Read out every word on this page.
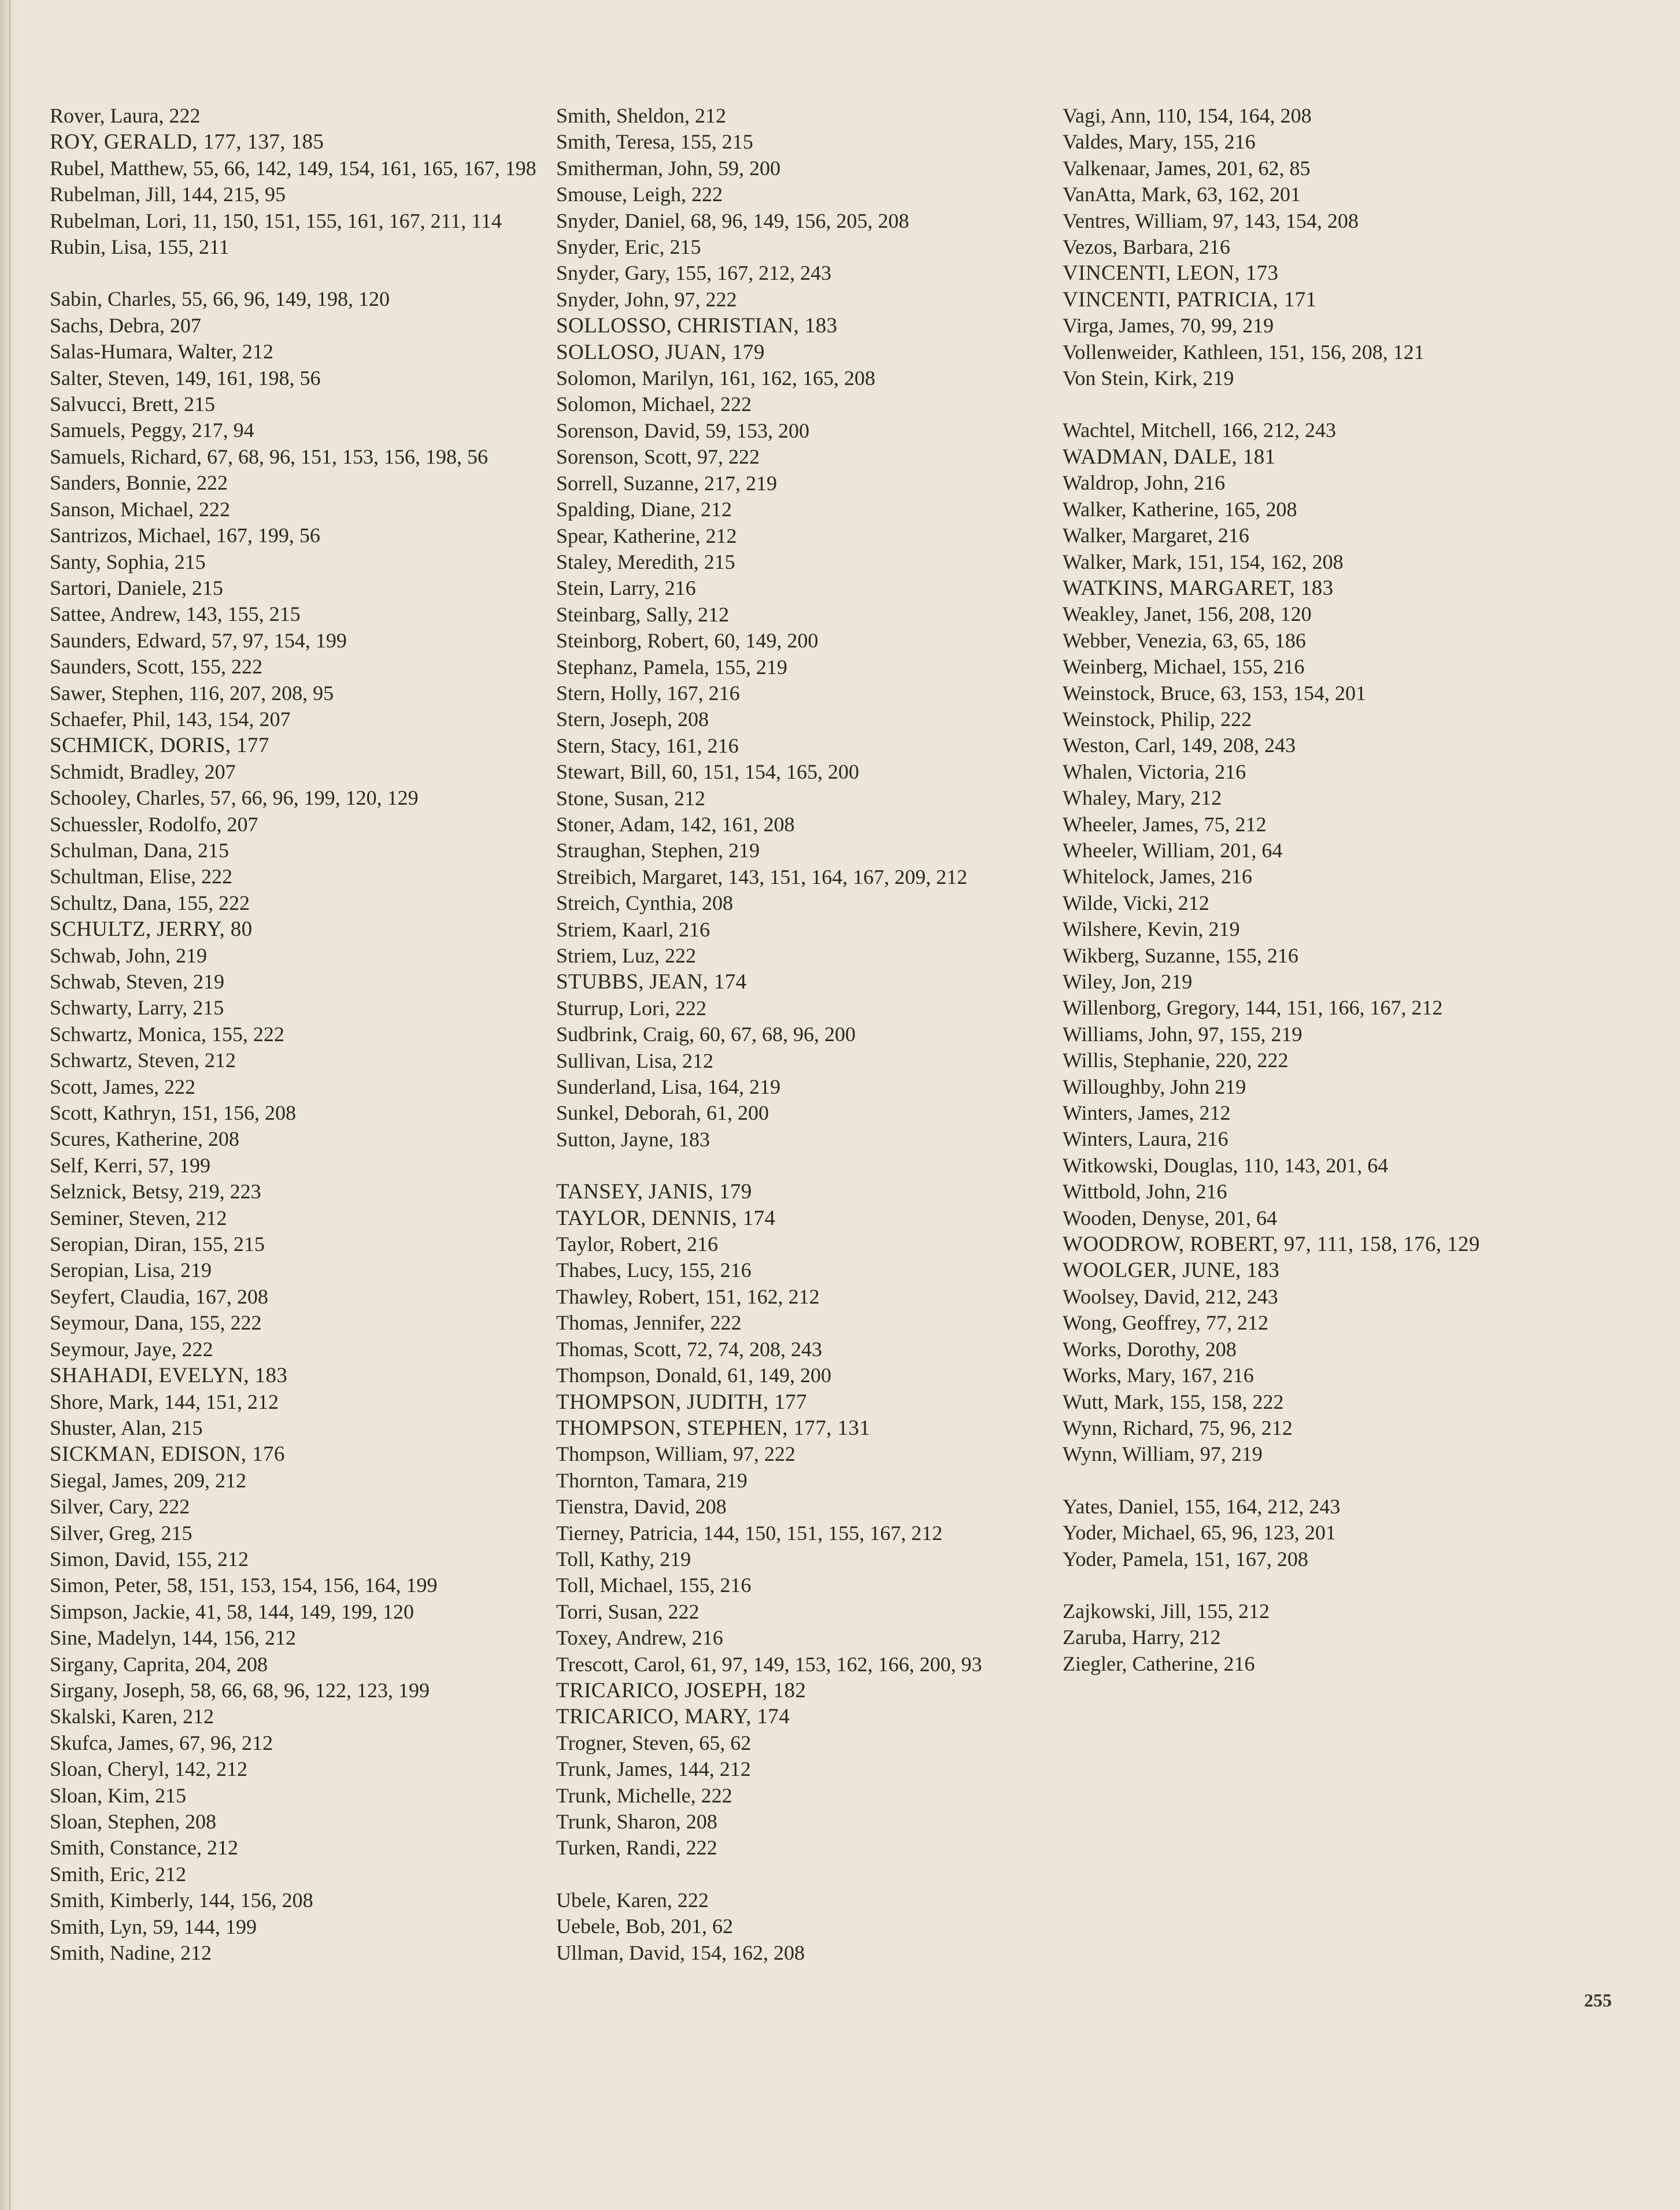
Rover, Laura, 222
ROY, GERALD, 177, 137, 185
Rubel, Matthew, 55, 66, 142, 149, 154, 161, 165, 167, 198
Rubelman, Jill, 144, 215, 95
Rubelman, Lori, 11, 150, 151, 155, 161, 167, 211, 114
Rubin, Lisa, 155, 211
Sabin, Charles, 55, 66, 96, 149, 198, 120
Sachs, Debra, 207
Salas-Humara, Walter, 212
Salter, Steven, 149, 161, 198, 56
Salvucci, Brett, 215
Samuels, Peggy, 217, 94
Samuels, Richard, 67, 68, 96, 151, 153, 156, 198, 56
Sanders, Bonnie, 222
Sanson, Michael, 222
Santrizos, Michael, 167, 199, 56
Santy, Sophia, 215
Sartori, Daniele, 215
Sattee, Andrew, 143, 155, 215
Saunders, Edward, 57, 97, 154, 199
Saunders, Scott, 155, 222
Sawer, Stephen, 116, 207, 208, 95
Schaefer, Phil, 143, 154, 207
SCHMICK, DORIS, 177
Schmidt, Bradley, 207
Schooley, Charles, 57, 66, 96, 199, 120, 129
Schuessler, Rodolfo, 207
Schulman, Dana, 215
Schultman, Elise, 222
Schultz, Dana, 155, 222
SCHULTZ, JERRY, 80
Schwab, John, 219
Schwab, Steven, 219
Schwarty, Larry, 215
Schwartz, Monica, 155, 222
Schwartz, Steven, 212
Scott, James, 222
Scott, Kathryn, 151, 156, 208
Scures, Katherine, 208
Self, Kerri, 57, 199
Selznick, Betsy, 219, 223
Seminer, Steven, 212
Seropian, Diran, 155, 215
Seropian, Lisa, 219
Seyfert, Claudia, 167, 208
Seymour, Dana, 155, 222
Seymour, Jaye, 222
SHAHADI, EVELYN, 183
Shore, Mark, 144, 151, 212
Shuster, Alan, 215
SICKMAN, EDISON, 176
Siegal, James, 209, 212
Silver, Cary, 222
Silver, Greg, 215
Simon, David, 155, 212
Simon, Peter, 58, 151, 153, 154, 156, 164, 199
Simpson, Jackie, 41, 58, 144, 149, 199, 120
Sine, Madelyn, 144, 156, 212
Sirgany, Caprita, 204, 208
Sirgany, Joseph, 58, 66, 68, 96, 122, 123, 199
Skalski, Karen, 212
Skufca, James, 67, 96, 212
Sloan, Cheryl, 142, 212
Sloan, Kim, 215
Sloan, Stephen, 208
Smith, Constance, 212
Smith, Eric, 212
Smith, Kimberly, 144, 156, 208
Smith, Lyn, 59, 144, 199
Smith, Nadine, 212
Smith, Sheldon, 212
Smith, Teresa, 155, 215
Smitherman, John, 59, 200
Smouse, Leigh, 222
Snyder, Daniel, 68, 96, 149, 156, 205, 208
Snyder, Eric, 215
Snyder, Gary, 155, 167, 212, 243
Snyder, John, 97, 222
SOLLOSSO, CHRISTIAN, 183
SOLLOSO, JUAN, 179
Solomon, Marilyn, 161, 162, 165, 208
Solomon, Michael, 222
Sorenson, David, 59, 153, 200
Sorenson, Scott, 97, 222
Sorrell, Suzanne, 217, 219
Spalding, Diane, 212
Spear, Katherine, 212
Staley, Meredith, 215
Stein, Larry, 216
Steinbarg, Sally, 212
Steinborg, Robert, 60, 149, 200
Stephanz, Pamela, 155, 219
Stern, Holly, 167, 216
Stern, Joseph, 208
Stern, Stacy, 161, 216
Stewart, Bill, 60, 151, 154, 165, 200
Stone, Susan, 212
Stoner, Adam, 142, 161, 208
Straughan, Stephen, 219
Streibich, Margaret, 143, 151, 164, 167, 209, 212
Streich, Cynthia, 208
Striem, Kaarl, 216
Striem, Luz, 222
STUBBS, JEAN, 174
Sturrup, Lori, 222
Sudbrink, Craig, 60, 67, 68, 96, 200
Sullivan, Lisa, 212
Sunderland, Lisa, 164, 219
Sunkel, Deborah, 61, 200
Sutton, Jayne, 183
TANSEY, JANIS, 179
TAYLOR, DENNIS, 174
Taylor, Robert, 216
Thabes, Lucy, 155, 216
Thawley, Robert, 151, 162, 212
Thomas, Jennifer, 222
Thomas, Scott, 72, 74, 208, 243
Thompson, Donald, 61, 149, 200
THOMPSON, JUDITH, 177
THOMPSON, STEPHEN, 177, 131
Thompson, William, 97, 222
Thornton, Tamara, 219
Tienstra, David, 208
Tierney, Patricia, 144, 150, 151, 155, 167, 212
Toll, Kathy, 219
Toll, Michael, 155, 216
Torri, Susan, 222
Toxey, Andrew, 216
Trescott, Carol, 61, 97, 149, 153, 162, 166, 200, 93
TRICARICO, JOSEPH, 182
TRICARICO, MARY, 174
Trogner, Steven, 65, 62
Trunk, James, 144, 212
Trunk, Michelle, 222
Trunk, Sharon, 208
Turken, Randi, 222
Ubele, Karen, 222
Uebele, Bob, 201, 62
Ullman, David, 154, 162, 208
Vagi, Ann, 110, 154, 164, 208
Valdes, Mary, 155, 216
Valkenaar, James, 201, 62, 85
VanAtta, Mark, 63, 162, 201
Ventres, William, 97, 143, 154, 208
Vezos, Barbara, 216
VINCENTI, LEON, 173
VINCENTI, PATRICIA, 171
Virga, James, 70, 99, 219
Vollenweider, Kathleen, 151, 156, 208, 121
Von Stein, Kirk, 219
Wachtel, Mitchell, 166, 212, 243
WADMAN, DALE, 181
Waldrop, John, 216
Walker, Katherine, 165, 208
Walker, Margaret, 216
Walker, Mark, 151, 154, 162, 208
WATKINS, MARGARET, 183
Weakley, Janet, 156, 208, 120
Webber, Venezia, 63, 65, 186
Weinberg, Michael, 155, 216
Weinstock, Bruce, 63, 153, 154, 201
Weinstock, Philip, 222
Weston, Carl, 149, 208, 243
Whalen, Victoria, 216
Whaley, Mary, 212
Wheeler, James, 75, 212
Wheeler, William, 201, 64
Whitelock, James, 216
Wilde, Vicki, 212
Wilshere, Kevin, 219
Wikberg, Suzanne, 155, 216
Wiley, Jon, 219
Willenborg, Gregory, 144, 151, 166, 167, 212
Williams, John, 97, 155, 219
Willis, Stephanie, 220, 222
Willoughby, John 219
Winters, James, 212
Winters, Laura, 216
Witkowski, Douglas, 110, 143, 201, 64
Wittbold, John, 216
Wooden, Denyse, 201, 64
WOODROW, ROBERT, 97, 111, 158, 176, 129
WOOLGER, JUNE, 183
Woolsey, David, 212, 243
Wong, Geoffrey, 77, 212
Works, Dorothy, 208
Works, Mary, 167, 216
Wutt, Mark, 155, 158, 222
Wynn, Richard, 75, 96, 212
Wynn, William, 97, 219
Yates, Daniel, 155, 164, 212, 243
Yoder, Michael, 65, 96, 123, 201
Yoder, Pamela, 151, 167, 208
Zajkowski, Jill, 155, 212
Zaruba, Harry, 212
Ziegler, Catherine, 216
255
